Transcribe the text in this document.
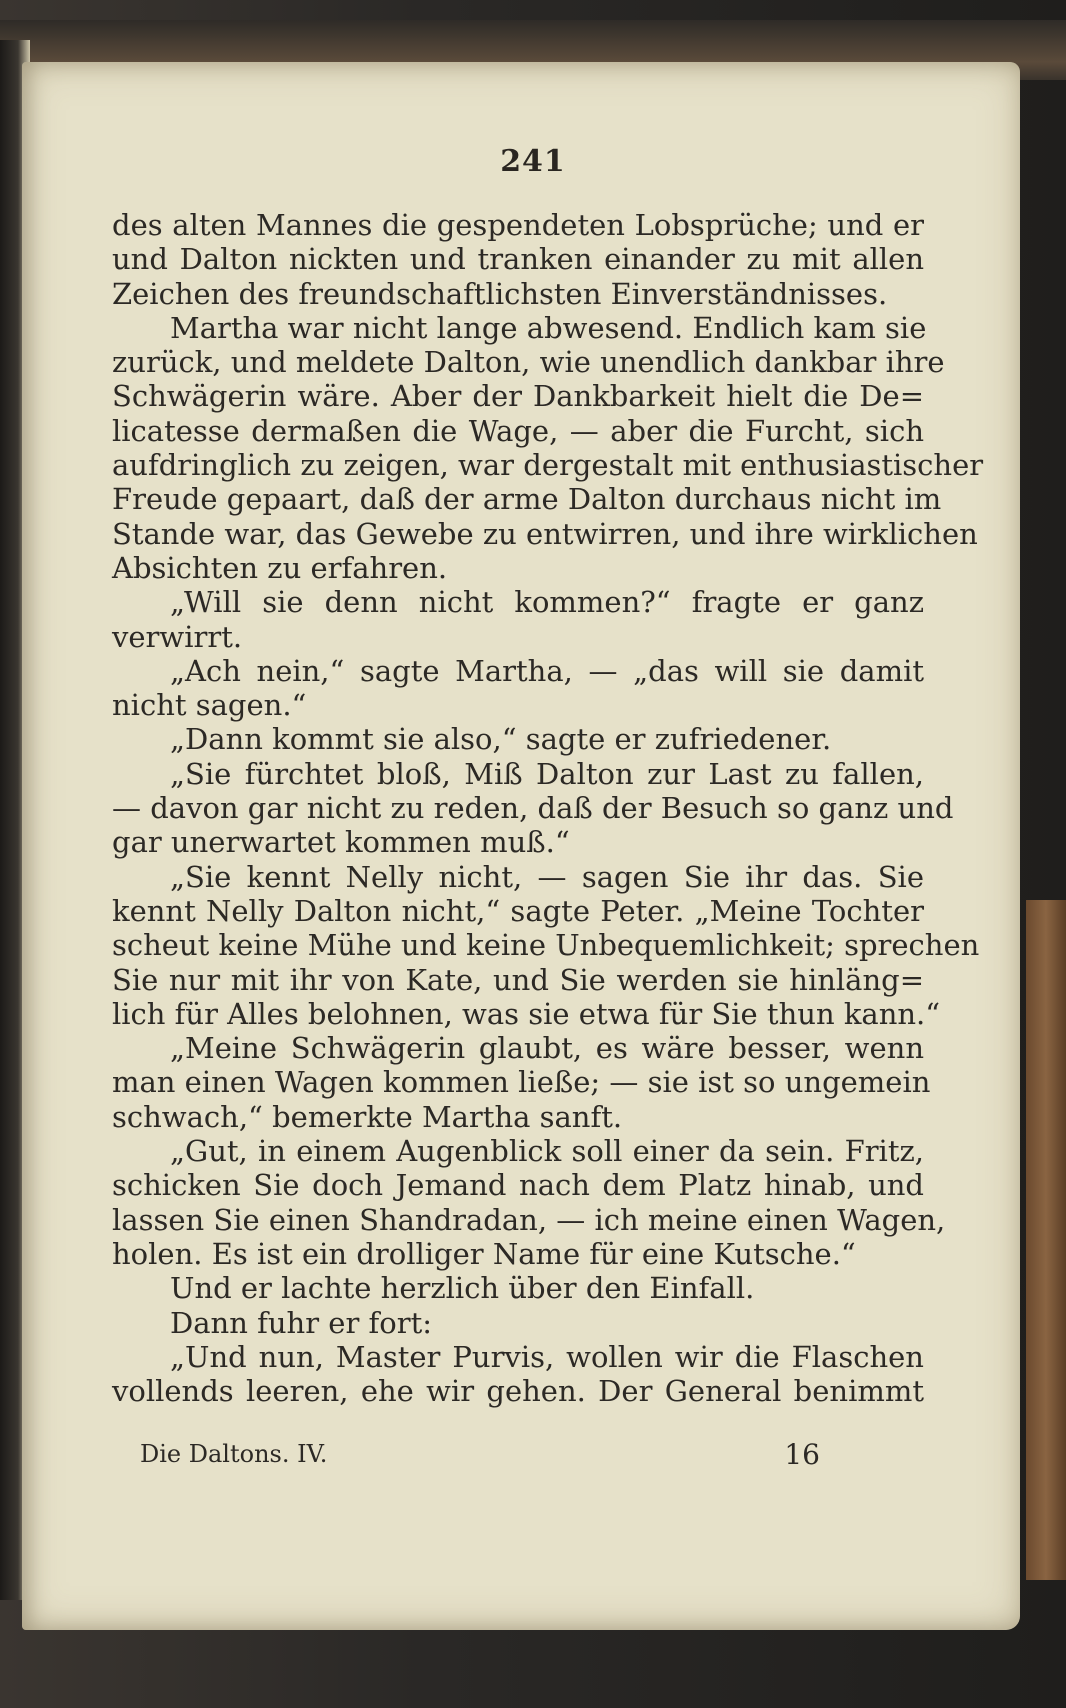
241
des alten Mannes die gespendeten Lobsprüche; und er
und Dalton nickten und tranken einander zu mit allen
Zeichen des freundschaftlichsten Einverständnisses.
Martha war nicht lange abwesend. Endlich kam sie
zurück, und meldete Dalton, wie unendlich dankbar ihre
Schwägerin wäre. Aber der Dankbarkeit hielt die De=
licatesse dermaßen die Wage, — aber die Furcht, sich
aufdringlich zu zeigen, war dergestalt mit enthusiastischer
Freude gepaart, daß der arme Dalton durchaus nicht im
Stande war, das Gewebe zu entwirren, und ihre wirklichen
Absichten zu erfahren.
„Will sie denn nicht kommen?“ fragte er ganz
verwirrt.
„Ach nein,“ sagte Martha, — „das will sie damit
nicht sagen.“
„Dann kommt sie also,“ sagte er zufriedener.
„Sie fürchtet bloß, Miß Dalton zur Last zu fallen,
— davon gar nicht zu reden, daß der Besuch so ganz und
gar unerwartet kommen muß.“
„Sie kennt Nelly nicht, — sagen Sie ihr das. Sie
kennt Nelly Dalton nicht,“ sagte Peter. „Meine Tochter
scheut keine Mühe und keine Unbequemlichkeit; sprechen
Sie nur mit ihr von Kate, und Sie werden sie hinläng=
lich für Alles belohnen, was sie etwa für Sie thun kann.“
„Meine Schwägerin glaubt, es wäre besser, wenn
man einen Wagen kommen ließe; — sie ist so ungemein
schwach,“ bemerkte Martha sanft.
„Gut, in einem Augenblick soll einer da sein. Fritz,
schicken Sie doch Jemand nach dem Platz hinab, und
lassen Sie einen Shandradan, — ich meine einen Wagen,
holen. Es ist ein drolliger Name für eine Kutsche.“
Und er lachte herzlich über den Einfall.
Dann fuhr er fort:
„Und nun, Master Purvis, wollen wir die Flaschen
vollends leeren, ehe wir gehen. Der General benimmt
Die Daltons. IV.	16
